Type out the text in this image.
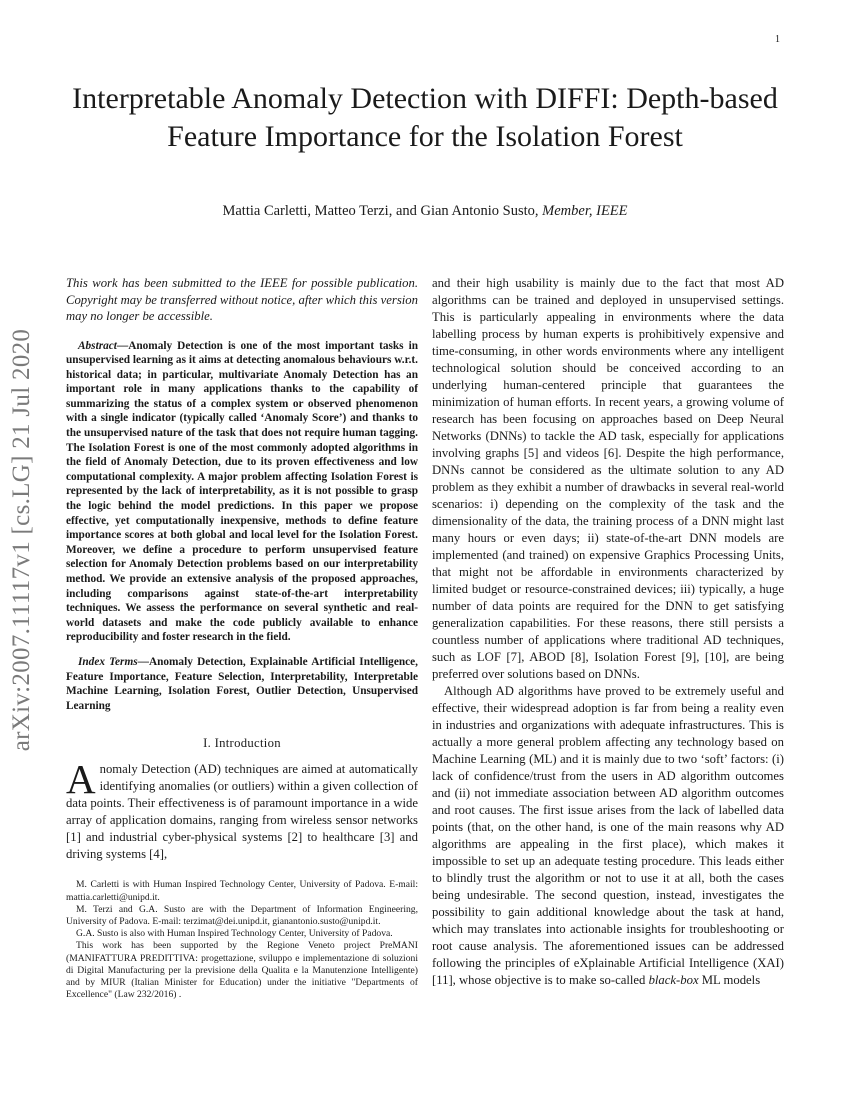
1
arXiv:2007.11117v1 [cs.LG] 21 Jul 2020
Interpretable Anomaly Detection with DIFFI: Depth-based Feature Importance for the Isolation Forest
Mattia Carletti, Matteo Terzi, and Gian Antonio Susto, Member, IEEE

This work has been submitted to the IEEE for possible publication. Copyright may be transferred without notice, after which this version may no longer be accessible.

Abstract—Anomaly Detection is one of the most important tasks in unsupervised learning as it aims at detecting anomalous behaviours w.r.t. historical data; in particular, multivariate Anomaly Detection has an important role in many applications thanks to the capability of summarizing the status of a complex system or observed phenomenon with a single indicator (typically called ‘Anomaly Score’) and thanks to the unsupervised nature of the task that does not require human tagging. The Isolation Forest is one of the most commonly adopted algorithms in the field of Anomaly Detection, due to its proven effectiveness and low computational complexity. A major problem affecting Isolation Forest is represented by the lack of interpretability, as it is not possible to grasp the logic behind the model predictions. In this paper we propose effective, yet computationally inexpensive, methods to define feature importance scores at both global and local level for the Isolation Forest. Moreover, we define a procedure to perform unsupervised feature selection for Anomaly Detection problems based on our interpretability method. We provide an extensive analysis of the proposed approaches, including comparisons against state-of-the-art interpretability techniques. We assess the performance on several synthetic and real-world datasets and make the code publicly available to enhance reproducibility and foster research in the field.

Index Terms—Anomaly Detection, Explainable Artificial Intelligence, Feature Importance, Feature Selection, Interpretability, Interpretable Machine Learning, Isolation Forest, Outlier Detection, Unsupervised Learning

I. Introduction

Anomaly Detection (AD) techniques are aimed at automatically identifying anomalies (or outliers) within a given collection of data points. Their effectiveness is of paramount importance in a wide array of application domains, ranging from wireless sensor networks [1] and industrial cyber-physical systems [2] to healthcare [3] and driving systems [4],

M. Carletti is with Human Inspired Technology Center, University of Padova. E-mail: mattia.carletti@unipd.it.

M. Terzi and G.A. Susto are with the Department of Information Engineering, University of Padova. E-mail: terzimat@dei.unipd.it, gianantonio.susto@unipd.it.

G.A. Susto is also with Human Inspired Technology Center, University of Padova.

This work has been supported by the Regione Veneto project PreMANI (MANIFATTURA PREDITTIVA: progettazione, sviluppo e implementazione di soluzioni di Digital Manufacturing per la previsione della Qualita e la Manutenzione Intelligente) and by MIUR (Italian Minister for Education) under the initiative "Departments of Excellence" (Law 232/2016) .

and their high usability is mainly due to the fact that most AD algorithms can be trained and deployed in unsupervised settings. This is particularly appealing in environments where the data labelling process by human experts is prohibitively expensive and time-consuming, in other words environments where any intelligent technological solution should be conceived according to an underlying human-centered principle that guarantees the minimization of human efforts. In recent years, a growing volume of research has been focusing on approaches based on Deep Neural Networks (DNNs) to tackle the AD task, especially for applications involving graphs [5] and videos [6]. Despite the high performance, DNNs cannot be considered as the ultimate solution to any AD problem as they exhibit a number of drawbacks in several real-world scenarios: i) depending on the complexity of the task and the dimensionality of the data, the training process of a DNN might last many hours or even days; ii) state-of-the-art DNN models are implemented (and trained) on expensive Graphics Processing Units, that might not be affordable in environments characterized by limited budget or resource-constrained devices; iii) typically, a huge number of data points are required for the DNN to get satisfying generalization capabilities. For these reasons, there still persists a countless number of applications where traditional AD techniques, such as LOF [7], ABOD [8], Isolation Forest [9], [10], are being preferred over solutions based on DNNs.

Although AD algorithms have proved to be extremely useful and effective, their widespread adoption is far from being a reality even in industries and organizations with adequate infrastructures. This is actually a more general problem affecting any technology based on Machine Learning (ML) and it is mainly due to two ‘soft’ factors: (i) lack of confidence/trust from the users in AD algorithm outcomes and (ii) not immediate association between AD algorithm outcomes and root causes. The first issue arises from the lack of labelled data points (that, on the other hand, is one of the main reasons why AD algorithms are appealing in the first place), which makes it impossible to set up an adequate testing procedure. This leads either to blindly trust the algorithm or not to use it at all, both the cases being undesirable. The second question, instead, investigates the possibility to gain additional knowledge about the task at hand, which may translates into actionable insights for troubleshooting or root cause analysis. The aforementioned issues can be addressed following the principles of eXplainable Artificial Intelligence (XAI) [11], whose objective is to make so-called black-box ML models
